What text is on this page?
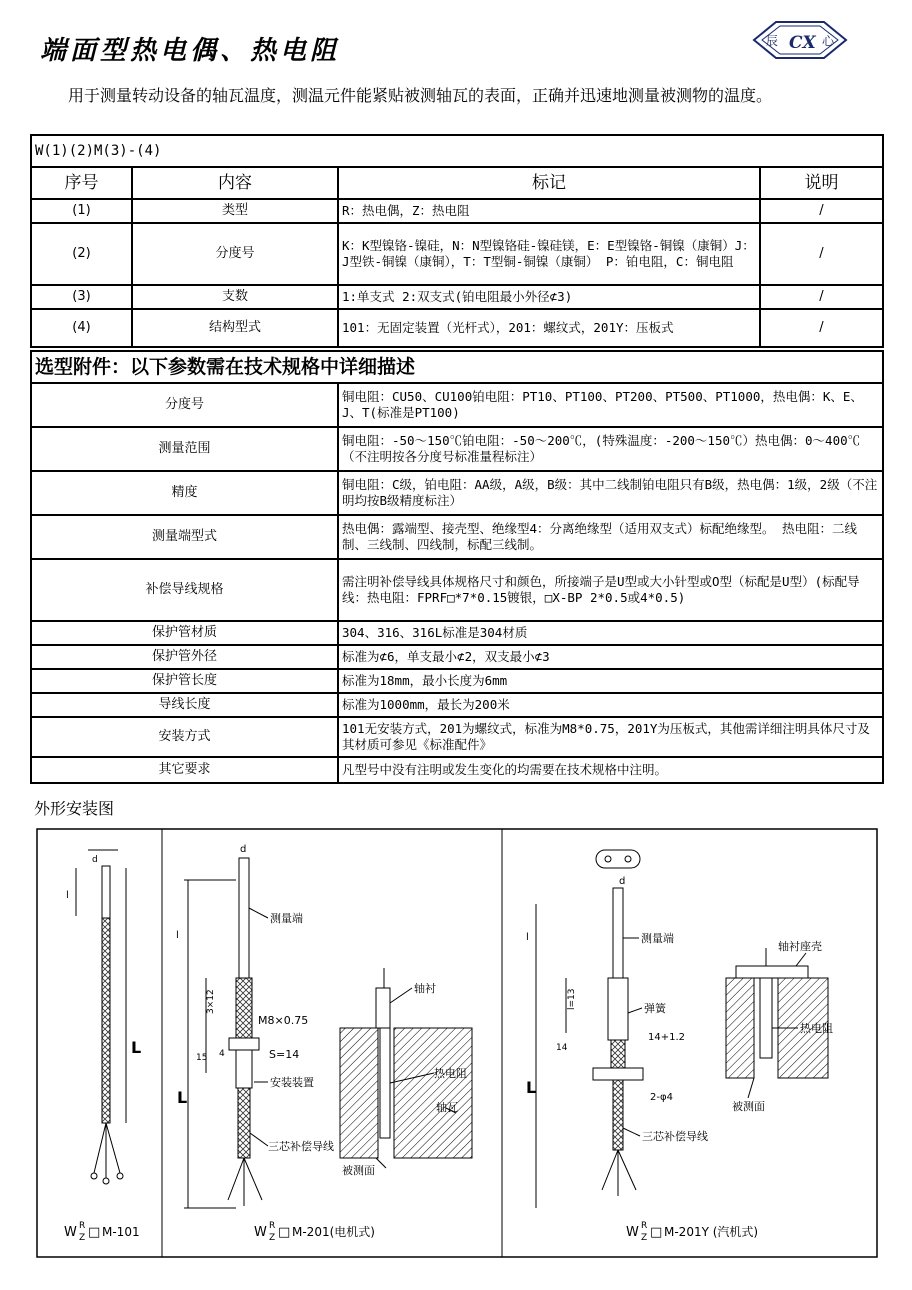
端面型热电偶、热电阻	辰 CX 心
用于测量转动设备的轴瓦温度，测温元件能紧贴被测轴瓦的表面，正确并迅速地测量被测物的温度。
W(1)(2)M(3)-(4)			
序号	内容	标记	说明
(1)	类型	R：热电偶，Z：热电阻	/
(2)	分度号	K：K型镍铬-镍硅，N：N型镍铬硅-镍硅镁，E：E型镍铬-铜镍（康铜）J：J型铁-铜镍（康铜），T：T型铜-铜镍（康铜） P：铂电阻，C：铜电阻	/
(3)	支数	1:单支式 2:双支式(铂电阻最小外径⊄3)	/
(4)	结构型式	101：无固定装置（光杆式），201：螺纹式，201Y：压板式	/
选型附件：以下参数需在技术规格中详细描述	
分度号	铜电阻：CU50、CU100铂电阻：PT10、PT100、PT200、PT500、PT1000，热电偶：K、E、J、T(标准是PT100)
测量范围	铜电阻：-50～150℃铂电阻：-50～200℃，(特殊温度：-200～150℃）热电偶：0～400℃（不注明按各分度号标准量程标注）
精度	铜电阻：C级，铂电阻：AA级，A级，B级：其中二线制铂电阻只有B级，热电偶：1级，2级（不注明均按B级精度标注）
测量端型式	热电偶：露端型、接壳型、绝缘型4：分离绝缘型（适用双支式）标配绝缘型。 热电阻：二线制、三线制、四线制，标配三线制。
补偿导线规格	需注明补偿导线具体规格尺寸和颜色，所接端子是U型或大小针型或O型（标配是U型）(标配导线：热电阻：FPRF□*7*0.15镀银，□X-BP 2*0.5或4*0.5)
保护管材质	304、316、316L标准是304材质
保护管外径	标准为⊄6，单支最小⊄2，双支最小⊄3
保护管长度	标准为18mm，最小长度为6mm
导线长度	标准为1000mm，最长为200米
安装方式	101无安装方式，201为螺纹式，标准为M8*0.75，201Y为压板式，其他需详细注明具体尺寸及其材质可参见《标准配件》
其它要求	凡型号中没有注明或发生变化的均需要在技术规格中注明。
外形安装图
d
l
L
W R
Z □ M-101
d
l
L
3×12
15 4
测量端
M8×0.75
S=14
安装装置
三芯补偿导线
W R
Z □ M-201(电机式)
轴衬
热电阻
轴瓦
被测面
d
l
L
l=13
14
测量端
弹簧
14+1.2
2-φ4
三芯补偿导线
W R
Z □ M-201Y (汽机式)
轴衬座壳
热电阻
被测面
